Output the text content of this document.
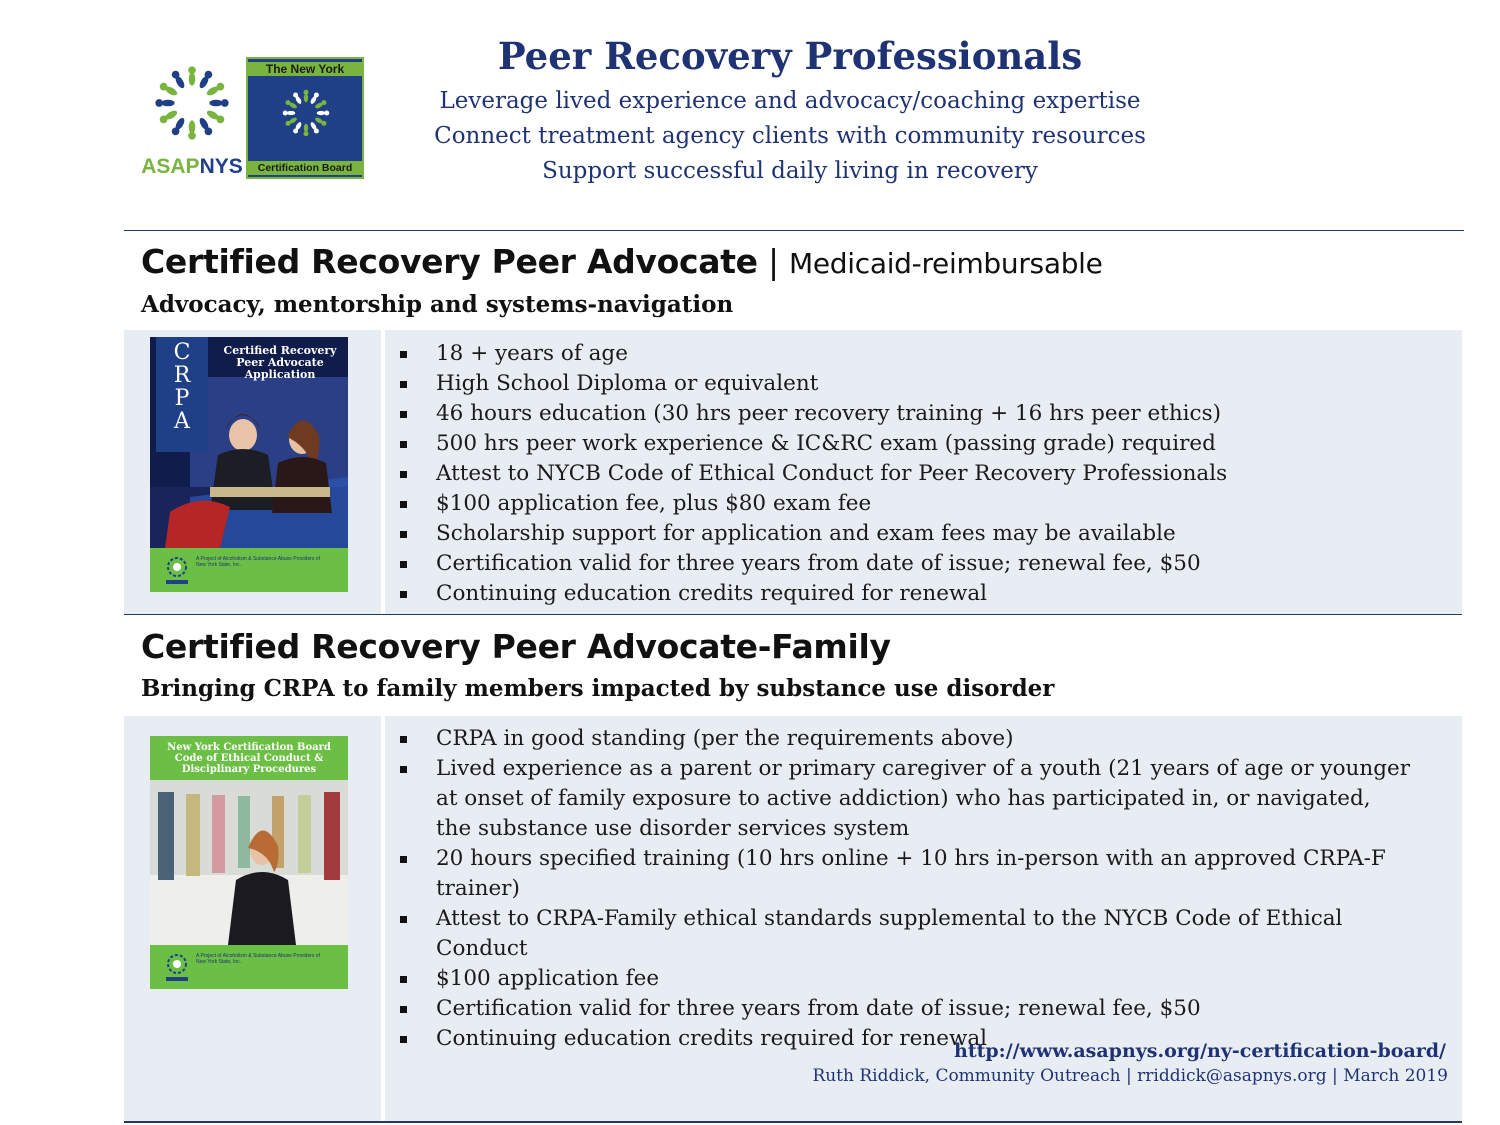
ASAPNYS
The New York
Certification Board
Peer Recovery Professionals
Leverage lived experience and advocacy/coaching expertise
Connect treatment agency clients with community resources
Support successful daily living in recovery
Certified Recovery Peer Advocate | Medicaid-reimbursable
Advocacy, mentorship and systems-navigation
C
R
P
A
Certified Recovery Peer Advocate Application
A Project of Alcoholism & Substance Abuse Providers of New York State, Inc.
18 + years of age
High School Diploma or equivalent
46 hours education (30 hrs peer recovery training + 16 hrs peer ethics)
500 hrs peer work experience & IC&RC exam (passing grade) required
Attest to NYCB Code of Ethical Conduct for Peer Recovery Professionals
$100 application fee, plus $80 exam fee
Scholarship support for application and exam fees may be available
Certification valid for three years from date of issue; renewal fee, $50
Continuing education credits required for renewal
Certified Recovery Peer Advocate-Family
Bringing CRPA to family members impacted by substance use disorder
New York Certification Board Code of Ethical Conduct & Disciplinary Procedures
A Project of Alcoholism & Substance Abuse Providers of New York State, Inc.
CRPA in good standing (per the requirements above)
Lived experience as a parent or primary caregiver of a youth (21 years of age or younger at onset of family exposure to active addiction) who has participated in, or navigated, the substance use disorder services system
20 hours specified training (10 hrs online + 10 hrs in-person with an approved CRPA-F trainer)
Attest to CRPA-Family ethical standards supplemental to the NYCB Code of Ethical Conduct
$100 application fee
Certification valid for three years from date of issue; renewal fee, $50
Continuing education credits required for renewal
http://www.asapnys.org/ny-certification-board/
Ruth Riddick, Community Outreach | rriddick@asapnys.org | March 2019
